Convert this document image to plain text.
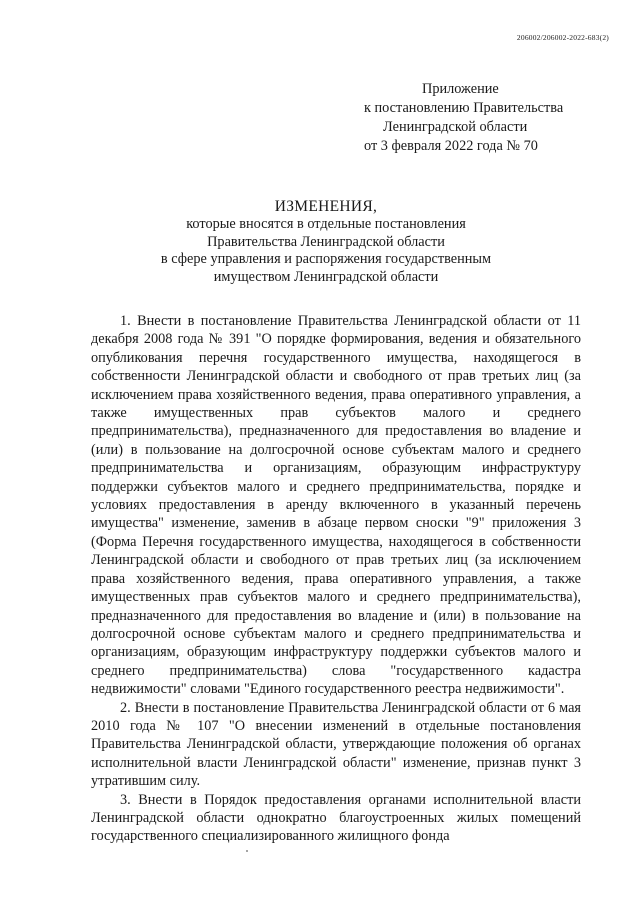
206002/206002-2022-683(2)
Приложение
к постановлению Правительства
Ленинградской области
от 3 февраля 2022 года № 70
ИЗМЕНЕНИЯ,
которые вносятся в отдельные постановления
Правительства Ленинградской области
в сфере управления и распоряжения государственным
имуществом Ленинградской области

1. Внести в постановление Правительства Ленинградской области от 11 декабря 2008 года № 391 "О порядке формирования, ведения и обязательного опубликования перечня государственного имущества, находящегося в собственности Ленинградской области и свободного от прав третьих лиц (за исключением права хозяйственного ведения, права оперативного управления, а также имущественных прав субъектов малого и среднего предпринимательства), предназначенного для предоставления во владение и (или) в пользование на долгосрочной основе субъектам малого и среднего предпринимательства и организациям, образующим инфраструктуру поддержки субъектов малого и среднего предпринимательства, порядке и условиях предоставления в аренду включенного в указанный перечень имущества" изменение, заменив в абзаце первом сноски "9" приложения 3 (Форма Перечня государственного имущества, находящегося в собственности Ленинградской области и свободного от прав третьих лиц (за исключением права хозяйственного ведения, права оперативного управления, а также имущественных прав субъектов малого и среднего предпринимательства), предназначенного для предоставления во владение и (или) в пользование на долгосрочной основе субъектам малого и среднего предпринимательства и организациям, образующим инфраструктуру поддержки субъектов малого и среднего предпринимательства) слова "государственного кадастра недвижимости" словами "Единого государственного реестра недвижимости".

2. Внести в постановление Правительства Ленинградской области от 6 мая 2010 года № 107 "О внесении изменений в отдельные постановления Правительства Ленинградской области, утверждающие положения об органах исполнительной власти Ленинградской области" изменение, признав пункт 3 утратившим силу.

3. Внести в Порядок предоставления органами исполнительной власти Ленинградской области однократно благоустроенных жилых помещений государственного специализированного жилищного фонда
